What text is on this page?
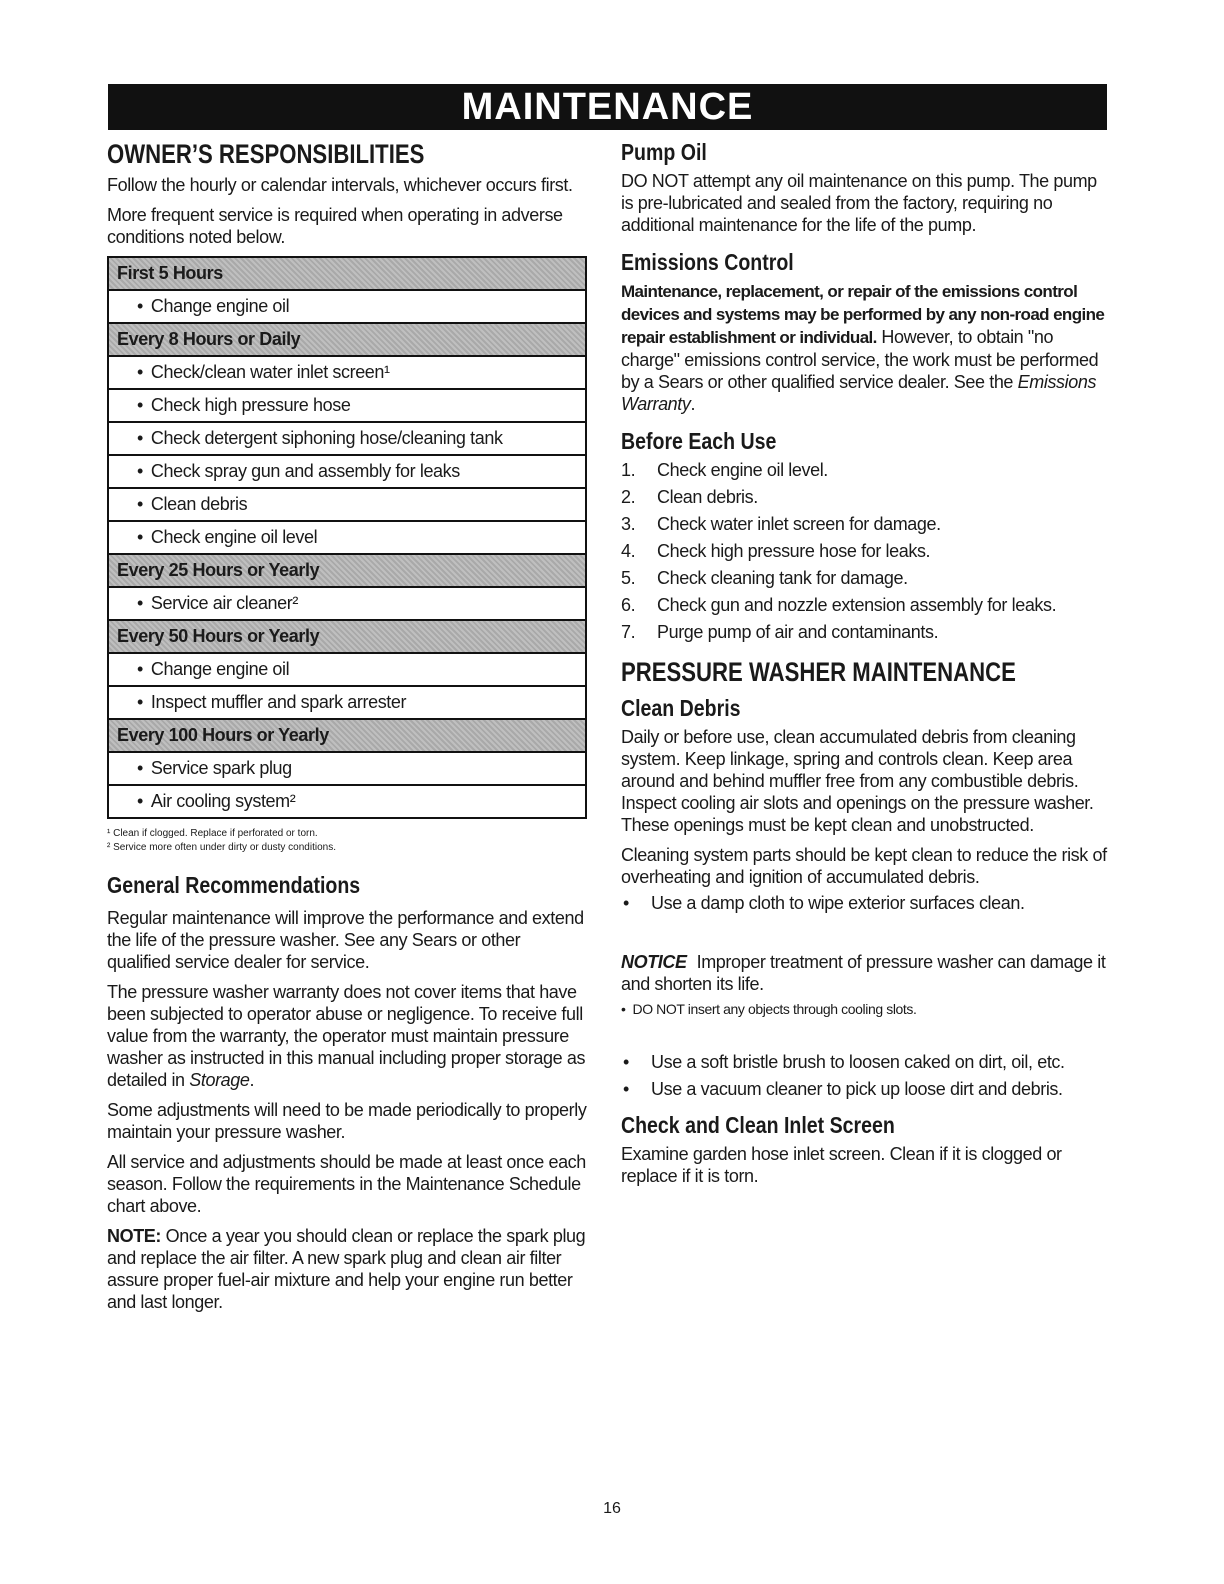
MAINTENANCE
OWNER’S RESPONSIBILITIES

Follow the hourly or calendar intervals, whichever occurs first.

More frequent service is required when operating in adverse conditions noted below.

First 5 Hours
• Change engine oil
Every 8 Hours or Daily
• Check/clean water inlet screen¹
• Check high pressure hose
• Check detergent siphoning hose/cleaning tank
• Check spray gun and assembly for leaks
• Clean debris
• Check engine oil level
Every 25 Hours or Yearly
• Service air cleaner²
Every 50 Hours or Yearly
• Change engine oil
• Inspect muffler and spark arrester
Every 100 Hours or Yearly
• Service spark plug
• Air cooling system²

¹ Clean if clogged. Replace if perforated or torn.

² Service more often under dirty or dusty conditions.

General Recommendations

Regular maintenance will improve the performance and extend the life of the pressure washer. See any Sears or other qualified service dealer for service.

The pressure washer warranty does not cover items that have been subjected to operator abuse or negligence. To receive full value from the warranty, the operator must maintain pressure washer as instructed in this manual including proper storage as detailed in Storage.

Some adjustments will need to be made periodically to properly maintain your pressure washer.

All service and adjustments should be made at least once each season. Follow the requirements in the Maintenance Schedule chart above.

NOTE: Once a year you should clean or replace the spark plug and replace the air filter. A new spark plug and clean air filter assure proper fuel-air mixture and help your engine run better and last longer.

Pump Oil

DO NOT attempt any oil maintenance on this pump. The pump is pre-lubricated and sealed from the factory, requiring no additional maintenance for the life of the pump.

Emissions Control

Maintenance, replacement, or repair of the emissions control devices and systems may be performed by any non-road engine repair establishment or individual. However, to obtain "no charge" emissions control service, the work must be performed by a Sears or other qualified service dealer. See the Emissions Warranty.

Before Each Use
1. Check engine oil level.
2. Clean debris.
3. Check water inlet screen for damage.
4. Check high pressure hose for leaks.
5. Check cleaning tank for damage.
6. Check gun and nozzle extension assembly for leaks.
7. Purge pump of air and contaminants.
PRESSURE WASHER MAINTENANCE
Clean Debris

Daily or before use, clean accumulated debris from cleaning system. Keep linkage, spring and controls clean. Keep area around and behind muffler free from any combustible debris. Inspect cooling air slots and openings on the pressure washer. These openings must be kept clean and unobstructed.

Cleaning system parts should be kept clean to reduce the risk of overheating and ignition of accumulated debris.

• Use a damp cloth to wipe exterior surfaces clean.

NOTICE Improper treatment of pressure washer can damage it and shorten its life.

•  DO NOT insert any objects through cooling slots.

• Use a soft bristle brush to loosen caked on dirt, oil, etc.
• Use a vacuum cleaner to pick up loose dirt and debris.
Check and Clean Inlet Screen

Examine garden hose inlet screen. Clean if it is clogged or replace if it is torn.

16
